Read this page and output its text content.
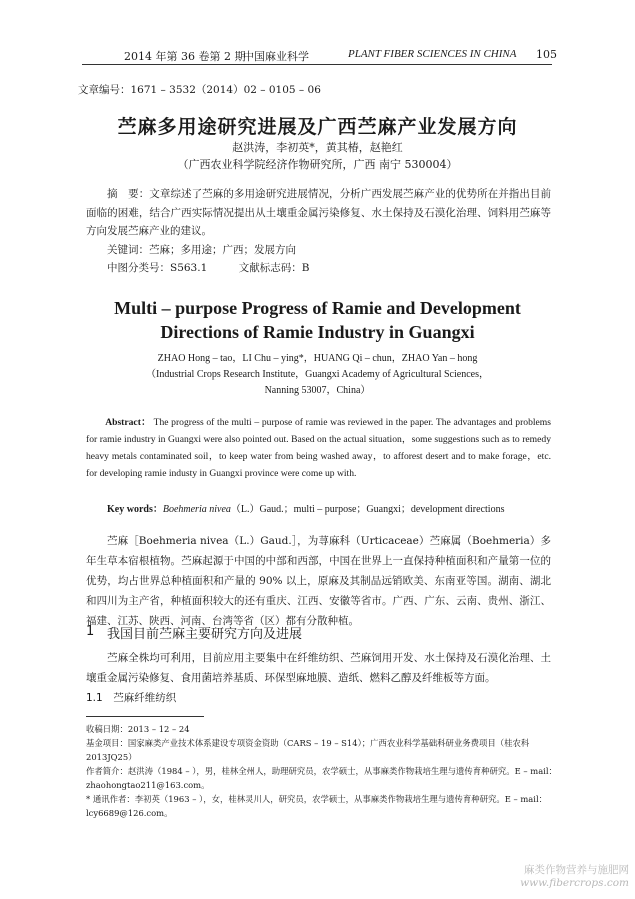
2014 年第 36 卷第 2 期
中国麻业科学	PLANT FIBER SCIENCES IN CHINA 105
文章编号：1671 – 3532（2014）02 – 0105 – 06
苎麻多用途研究进展及广西苎麻产业发展方向
赵洪涛，李初英*，黄其椿，赵艳红
（广西农业科学院经济作物研究所，广西 南宁 530004）
摘　要：文章综述了苎麻的多用途研究进展情况，分析广西发展苎麻产业的优势所在并指出目前面临的困难，结合广西实际情况提出从土壤重金属污染修复、水土保持及石漠化治理、饲料用苎麻等方向发展苎麻产业的建议。
关键词：苎麻；多用途；广西；发展方向
中图分类号：S563.1　　　文献标志码：B
Multi – purpose Progress of Ramie and Development
Directions of Ramie Industry in Guangxi
ZHAO Hong – tao，LI Chu – ying*，HUANG Qi – chun，ZHAO Yan – hong
（Industrial Crops Research Institute，Guangxi Academy of Agricultural Sciences，
Nanning 53007，China）
Abstract： The progress of the multi – purpose of ramie was reviewed in the paper. The advantages and problems for ramie industry in Guangxi were also pointed out. Based on the actual situation，some suggestions such as to remedy heavy metals contaminated soil，to keep water from being washed away，to afforest desert and to make forage，etc. for developing ramie industy in Guangxi province were come up with.
Key words：Boehmeria nivea（L.）Gaud.；multi – purpose；Guangxi；development directions
苎麻［Boehmeria nivea（L.）Gaud.］，为荨麻科（Urticaceae）苎麻属（Boehmeria）多年生草本宿根植物。苎麻起源于中国的中部和西部，中国在世界上一直保持种植面积和产量第一位的优势，均占世界总种植面积和产量的 90% 以上，原麻及其制品远销欧美、东南亚等国。湖南、湖北和四川为主产省，种植面积较大的还有重庆、江西、安徽等省市。广西、广东、云南、贵州、浙江、福建、江苏、陕西、河南、台湾等省（区）都有分散种植。
1 我国目前苎麻主要研究方向及进展
苎麻全株均可利用，目前应用主要集中在纤维纺织、苎麻饲用开发、水土保持及石漠化治理、土壤重金属污染修复、食用菌培养基质、环保型麻地膜、造纸、燃料乙醇及纤维板等方面。
1.1　苎麻纤维纺织
收稿日期：2013 – 12 – 24
基金项目：国家麻类产业技术体系建设专项资金资助（CARS – 19 – S14）；广西农业科学基础科研业务费项目（桂农科 2013JQ25）
作者简介：赵洪涛（1984 – ），男，桂林全州人，助理研究员，农学硕士，从事麻类作物栽培生理与遗传育种研究。E – mail：
zhaohongtao211@163.com。
* 通讯作者：李初英（1963 – ），女，桂林灵川人，研究员，农学硕士，从事麻类作物栽培生理与遗传育种研究。E – mail：
lcy6689@126.com。
麻类作物营养与施肥网
www.fibercrops.com
